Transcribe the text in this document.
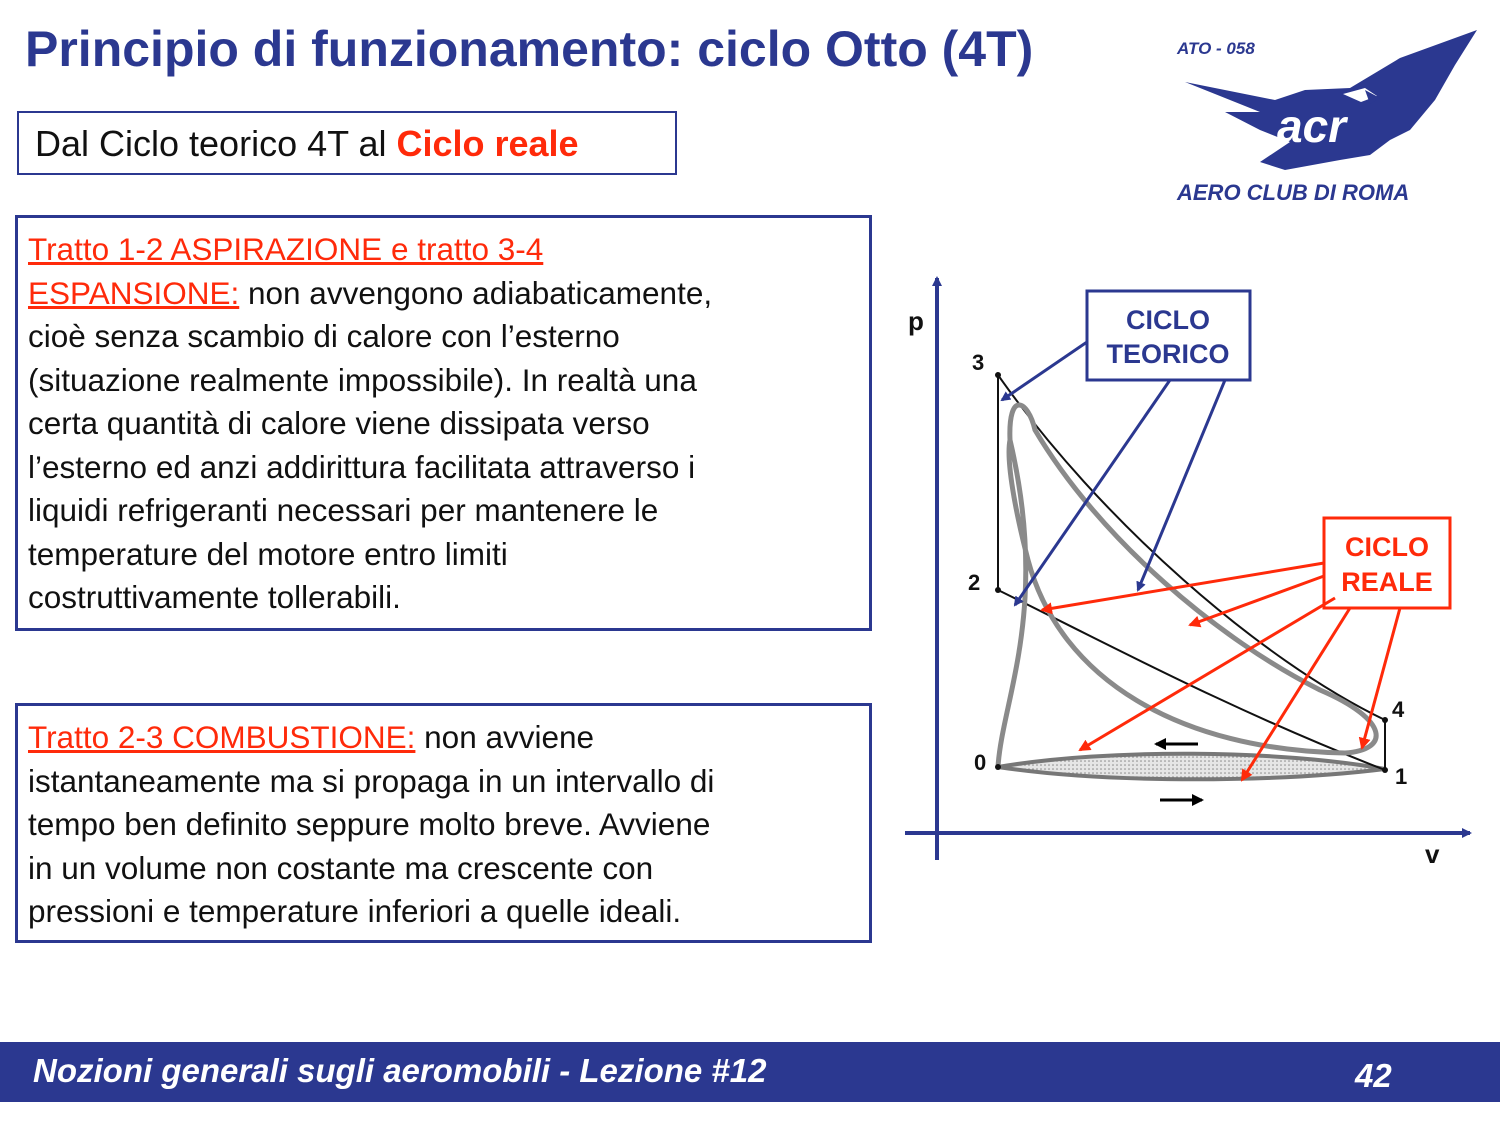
Principio di funzionamento: ciclo Otto (4T)
Dal Ciclo teorico 4T al Ciclo reale
ATO - 058
acr
AERO CLUB DI ROMA
Tratto 1-2 ASPIRAZIONE e tratto 3-4
ESPANSIONE: non avvengono adiabaticamente,
cioè senza scambio di calore con l’esterno
(situazione realmente impossibile). In realtà una
certa quantità di calore viene dissipata verso
l’esterno ed anzi addirittura facilitata attraverso i
liquidi refrigeranti necessari per mantenere le
temperature del motore entro limiti
costruttivamente tollerabili.
Tratto 2-3 COMBUSTIONE: non avviene
istantaneamente ma si propaga in un intervallo di
tempo ben definito seppure molto breve. Avviene
in un volume non costante ma crescente con
pressioni e temperature inferiori a quelle ideali.
p
v
3
2
4
0
1
CICLO
TEORICO
CICLO
REALE
Nozioni generali sugli aeromobili - Lezione #12	42
